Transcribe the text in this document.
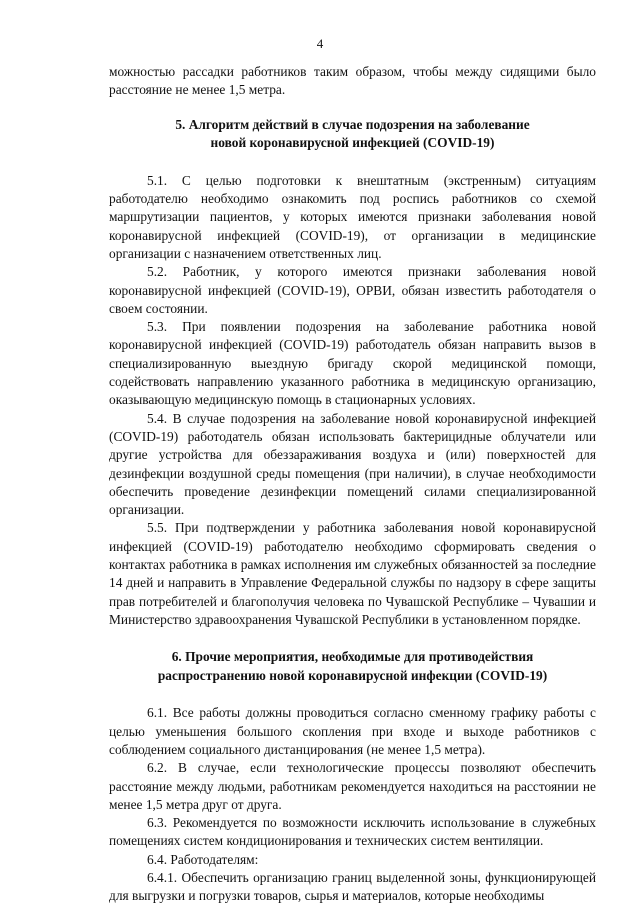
4

можностью рассадки работников таким образом, чтобы между сидящими было расстояние не менее 1,5 метра.

5. Алгоритм действий в случае подозрения на заболевание
новой коронавирусной инфекцией (COVID-19)

5.1. С целью подготовки к внештатным (экстренным) ситуациям работодателю необходимо ознакомить под роспись работников со схемой маршрутизации пациентов, у которых имеются признаки заболевания новой коронавирусной инфекцией (COVID-19), от организации в медицинские организации с назначением ответственных лиц.

5.2. Работник, у которого имеются признаки заболевания новой коронавирусной инфекцией (COVID-19), ОРВИ, обязан известить работодателя о своем состоянии.

5.3. При появлении подозрения на заболевание работника новой коронавирусной инфекцией (COVID-19) работодатель обязан направить вызов в специализированную выездную бригаду скорой медицинской помощи, содействовать направлению указанного работника в медицинскую организацию, оказывающую медицинскую помощь в стационарных условиях.

5.4. В случае подозрения на заболевание новой коронавирусной инфекцией (COVID-19) работодатель обязан использовать бактерицидные облучатели или другие устройства для обеззараживания воздуха и (или) поверхностей для дезинфекции воздушной среды помещения (при наличии), в случае необходимости обеспечить проведение дезинфекции помещений силами специализированной организации.

5.5. При подтверждении у работника заболевания новой коронавирусной инфекцией (COVID-19) работодателю необходимо сформировать сведения о контактах работника в рамках исполнения им служебных обязанностей за последние 14 дней и направить в Управление Федеральной службы по надзору в сфере защиты прав потребителей и благополучия человека по Чувашской Республике – Чувашии и Министерство здравоохранения Чувашской Республики в установленном порядке.

6. Прочие мероприятия, необходимые для противодействия
распространению новой коронавирусной инфекции (COVID-19)

6.1. Все работы должны проводиться согласно сменному графику работы с целью уменьшения большого скопления при входе и выходе работников с соблюдением социального дистанцирования (не менее 1,5 метра).

6.2. В случае, если технологические процессы позволяют обеспечить расстояние между людьми, работникам рекомендуется находиться на расстоянии не менее 1,5 метра друг от друга.

6.3. Рекомендуется по возможности исключить использование в служебных помещениях систем кондиционирования и технических систем вентиляции.

6.4. Работодателям:

6.4.1. Обеспечить организацию границ выделенной зоны, функционирующей для выгрузки и погрузки товаров, сырья и материалов, которые необходимы
